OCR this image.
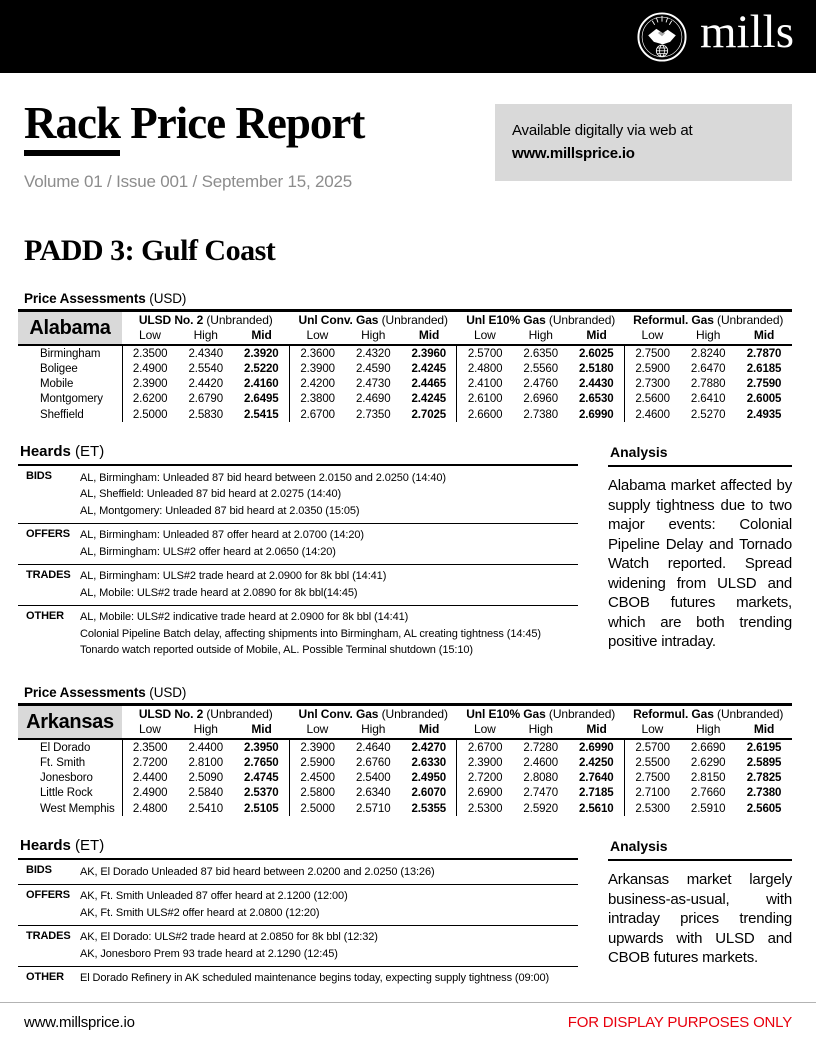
mills
Rack Price Report
Volume 01 / Issue 001 / September 15, 2025
Available digitally via web at
www.millsprice.io
PADD 3: Gulf Coast
Price Assessments (USD)
Alabama	ULSD No. 2 (Unbranded)			Unl Conv. Gas (Unbranded)			Unl E10% Gas (Unbranded)			Reformul. Gas (Unbranded)		
	Low	High	Mid	Low	High	Mid	Low	High	Mid	Low	High	Mid
Birmingham	2.3500	2.4340	2.3920	2.3600	2.4320	2.3960	2.5700	2.6350	2.6025	2.7500	2.8240	2.7870
Boligee	2.4900	2.5540	2.5220	2.3900	2.4590	2.4245	2.4800	2.5560	2.5180	2.5900	2.6470	2.6185
Mobile	2.3900	2.4420	2.4160	2.4200	2.4730	2.4465	2.4100	2.4760	2.4430	2.7300	2.7880	2.7590
Montgomery	2.6200	2.6790	2.6495	2.3800	2.4690	2.4245	2.6100	2.6960	2.6530	2.5600	2.6410	2.6005
Sheffield	2.5000	2.5830	2.5415	2.6700	2.7350	2.7025	2.6600	2.7380	2.6990	2.4600	2.5270	2.4935
Heards (ET)
BIDS	AL, Birmingham: Unleaded 87 bid heard between 2.0150 and 2.0250 (14:40)
AL, Sheffield: Unleaded 87 bid heard at 2.0275 (14:40)
AL, Montgomery: Unleaded 87 bid heard at 2.0350 (15:05)

OFFERS	AL, Birmingham: Unleaded 87 offer heard at 2.0700 (14:20)
AL, Birmingham: ULS#2 offer heard at 2.0650 (14:20)

TRADES	AL, Birmingham: ULS#2 trade heard at 2.0900 for 8k bbl (14:41)
AL, Mobile: ULS#2 trade heard at 2.0890 for 8k bbl(14:45)

OTHER	AL, Mobile: ULS#2 indicative trade heard at 2.0900 for 8k bbl (14:41)
Colonial Pipeline Batch delay, affecting shipments into Birmingham, AL creating tightness (14:45)
Tonardo watch reported outside of Mobile, AL. Possible Terminal shutdown (15:10)
Analysis

Alabama market affected by supply tightness due to two major events: Colonial Pipeline Delay and Tornado Watch reported. Spread widening from ULSD and CBOB futures markets, which are both trending positive intraday.

Price Assessments (USD)
Arkansas	ULSD No. 2 (Unbranded)			Unl Conv. Gas (Unbranded)			Unl E10% Gas (Unbranded)			Reformul. Gas (Unbranded)		
	Low	High	Mid	Low	High	Mid	Low	High	Mid	Low	High	Mid
El Dorado	2.3500	2.4400	2.3950	2.3900	2.4640	2.4270	2.6700	2.7280	2.6990	2.5700	2.6690	2.6195
Ft. Smith	2.7200	2.8100	2.7650	2.5900	2.6760	2.6330	2.3900	2.4600	2.4250	2.5500	2.6290	2.5895
Jonesboro	2.4400	2.5090	2.4745	2.4500	2.5400	2.4950	2.7200	2.8080	2.7640	2.7500	2.8150	2.7825
Little Rock	2.4900	2.5840	2.5370	2.5800	2.6340	2.6070	2.6900	2.7470	2.7185	2.7100	2.7660	2.7380
West Memphis	2.4800	2.5410	2.5105	2.5000	2.5710	2.5355	2.5300	2.5920	2.5610	2.5300	2.5910	2.5605
Heards (ET)
BIDS	AK, El Dorado Unleaded 87 bid heard between 2.0200 and 2.0250 (13:26)

OFFERS	AK, Ft. Smith Unleaded 87 offer heard at 2.1200 (12:00)
AK, Ft. Smith ULS#2 offer heard at 2.0800 (12:20)

TRADES	AK, El Dorado: ULS#2 trade heard at 2.0850 for 8k bbl (12:32)
AK, Jonesboro Prem 93 trade heard at 2.1290 (12:45)

OTHER	El Dorado Refinery in AK scheduled maintenance begins today, expecting supply tightness (09:00)
Analysis

Arkansas market largely business-as-usual, with intraday prices trending upwards with ULSD and CBOB futures markets.

www.millsprice.io	FOR DISPLAY PURPOSES ONLY
